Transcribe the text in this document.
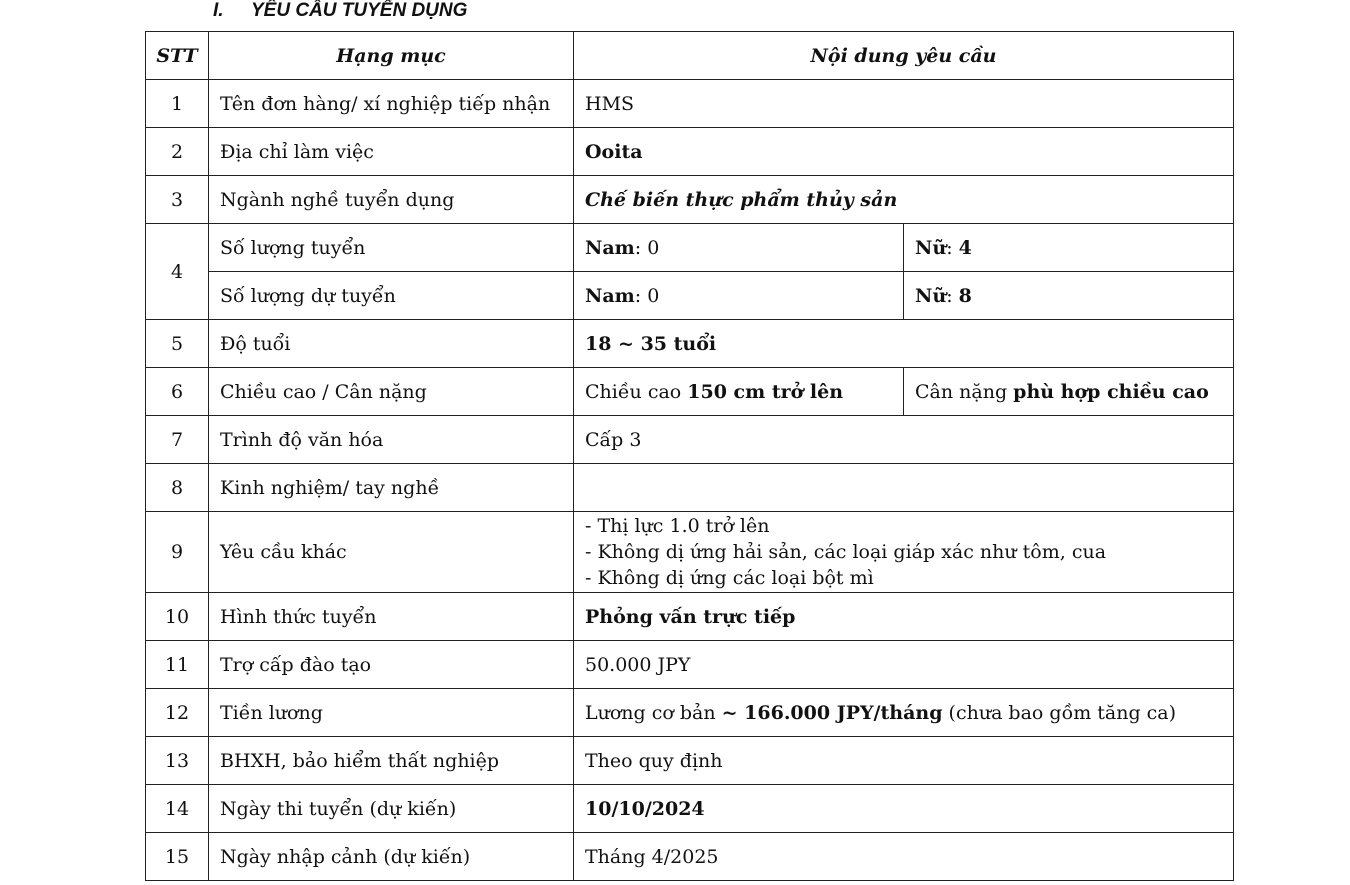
I. YÊU CẦU TUYỂN DỤNG
STT	Hạng mục	Nội dung yêu cầu	
1	Tên đơn hàng/ xí nghiệp tiếp nhận	HMS	
2	Địa chỉ làm việc	Ooita	
3	Ngành nghề tuyển dụng	Chế biến thực phẩm thủy sản	
4	Số lượng tuyển	Nam: 0	Nữ: 4
	Số lượng dự tuyển	Nam: 0	Nữ: 8
5	Độ tuổi	18 ~ 35 tuổi	
6	Chiều cao / Cân nặng	Chiều cao 150 cm trở lên	Cân nặng phù hợp chiều cao
7	Trình độ văn hóa	Cấp 3	
8	Kinh nghiệm/ tay nghề		
9	Yêu cầu khác	- Thị lực 1.0 trở lên
- Không dị ứng hải sản, các loại giáp xác như tôm, cua
- Không dị ứng các loại bột mì	

10	Hình thức tuyển	Phỏng vấn trực tiếp	
11	Trợ cấp đào tạo	50.000 JPY	
12	Tiền lương	Lương cơ bản ~ 166.000 JPY/tháng (chưa bao gồm tăng ca)	
13	BHXH, bảo hiểm thất nghiệp	Theo quy định	
14	Ngày thi tuyển (dự kiến)	10/10/2024	
15	Ngày nhập cảnh (dự kiến)	Tháng 4/2025	
